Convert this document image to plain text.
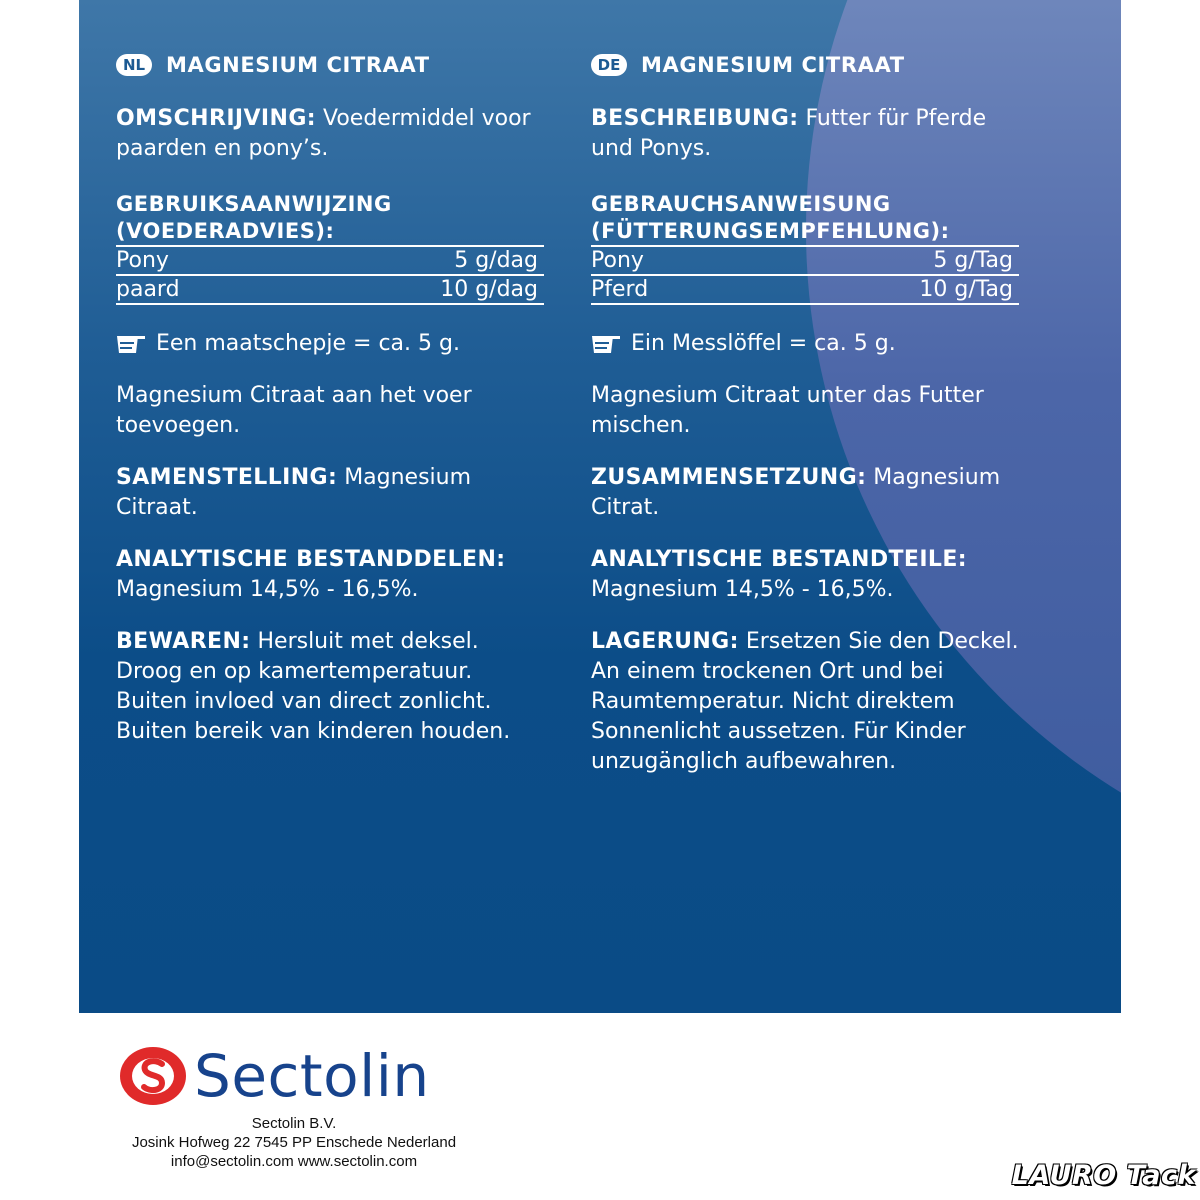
NL MAGNESIUM CITRAAT
OMSCHRIJVING: Voedermiddel voor paarden en pony’s.
GEBRUIKSAANWIJZING
(VOEDERADVIES):
Pony	5 g/dag
paard	10 g/dag
Een maatschepje = ca. 5 g.
Magnesium Citraat aan het voer toevoegen.
SAMENSTELLING: Magnesium Citraat.
ANALYTISCHE BESTANDDELEN:
Magnesium 14,5% - 16,5%.
BEWAREN: Hersluit met deksel. Droog en op kamertemperatuur. Buiten invloed van direct zonlicht. Buiten bereik van kinderen houden.
DE MAGNESIUM CITRAAT
BESCHREIBUNG: Futter für Pferde und Ponys.
GEBRAUCHSANWEISUNG
(FÜTTERUNGSEMPFEHLUNG):
Pony	5 g/Tag
Pferd	10 g/Tag
Ein Messlöffel = ca. 5 g.
Magnesium Citraat unter das Futter mischen.
ZUSAMMENSETZUNG: Magnesium Citrat.
ANALYTISCHE BESTANDTEILE:
Magnesium 14,5% - 16,5%.
LAGERUNG: Ersetzen Sie den Deckel. An einem trockenen Ort und bei Raumtemperatur. Nicht direktem Sonnenlicht aussetzen. Für Kinder unzugänglich aufbewahren.
Sectolin
Sectolin B.V.
Josink Hofweg 22 7545 PP Enschede Nederland
info@sectolin.com www.sectolin.com	LAURO Tack
